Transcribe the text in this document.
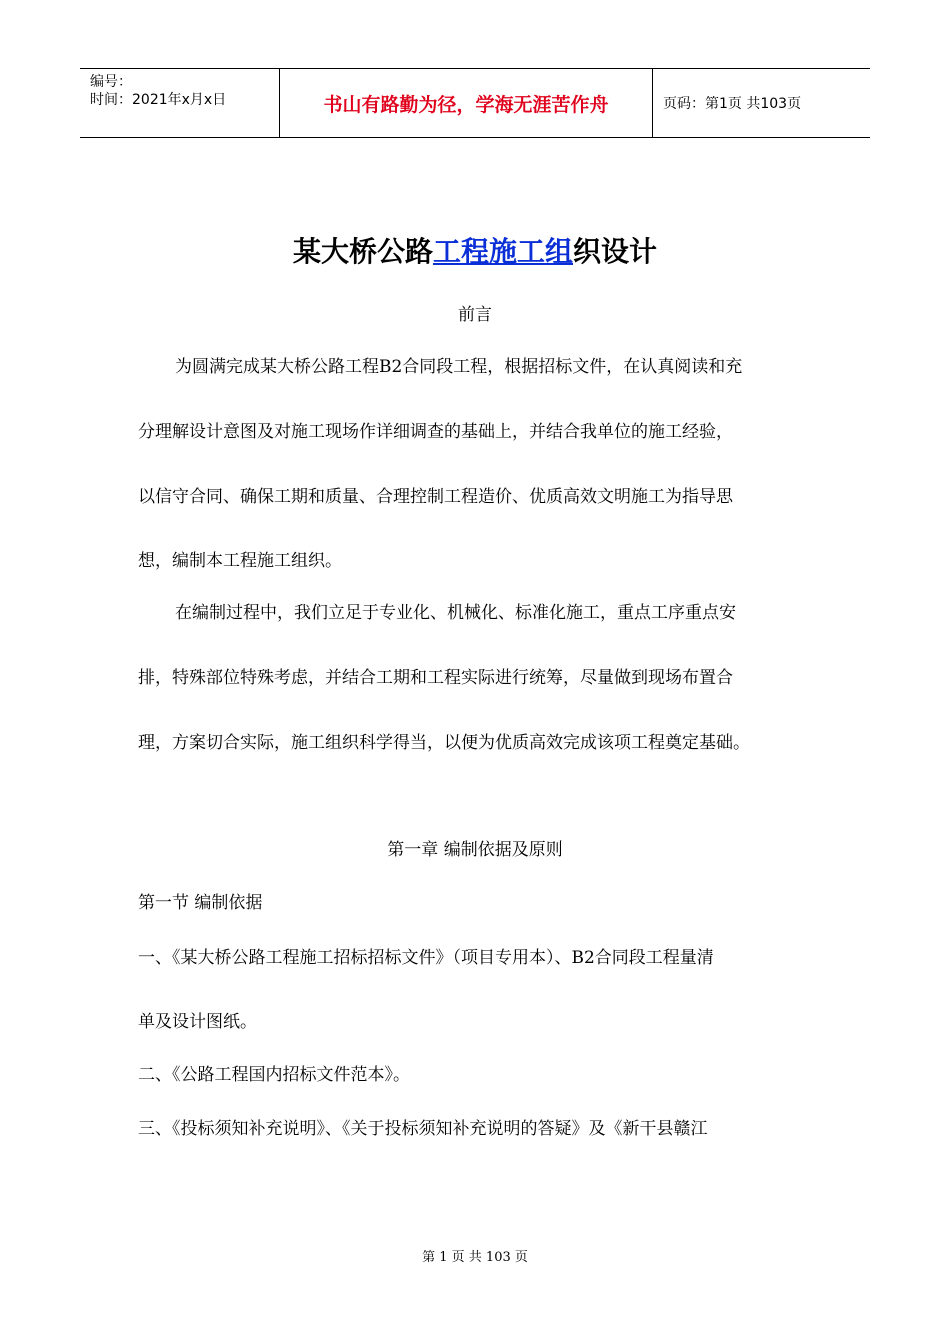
编号：
时间：2021年x月x日	书山有路勤为径，学海无涯苦作舟	页码：第1页 共103页
某大桥公路工程施工组织设计
前言
为圆满完成某大桥公路工程B2合同段工程，根据招标文件，在认真阅读和充
分理解设计意图及对施工现场作详细调查的基础上，并结合我单位的施工经验，
以信守合同、确保工期和质量、合理控制工程造价、优质高效文明施工为指导思
想，编制本工程施工组织。
在编制过程中，我们立足于专业化、机械化、标准化施工，重点工序重点安
排，特殊部位特殊考虑，并结合工期和工程实际进行统筹，尽量做到现场布置合
理，方案切合实际，施工组织科学得当，以便为优质高效完成该项工程奠定基础。
第一章 编制依据及原则
第一节 编制依据
一、《某大桥公路工程施工招标招标文件》（项目专用本）、B2合同段工程量清
单及设计图纸。
二、《公路工程国内招标文件范本》。
三、《投标须知补充说明》、《关于投标须知补充说明的答疑》及《新干县赣江
第 1 页 共 103 页
